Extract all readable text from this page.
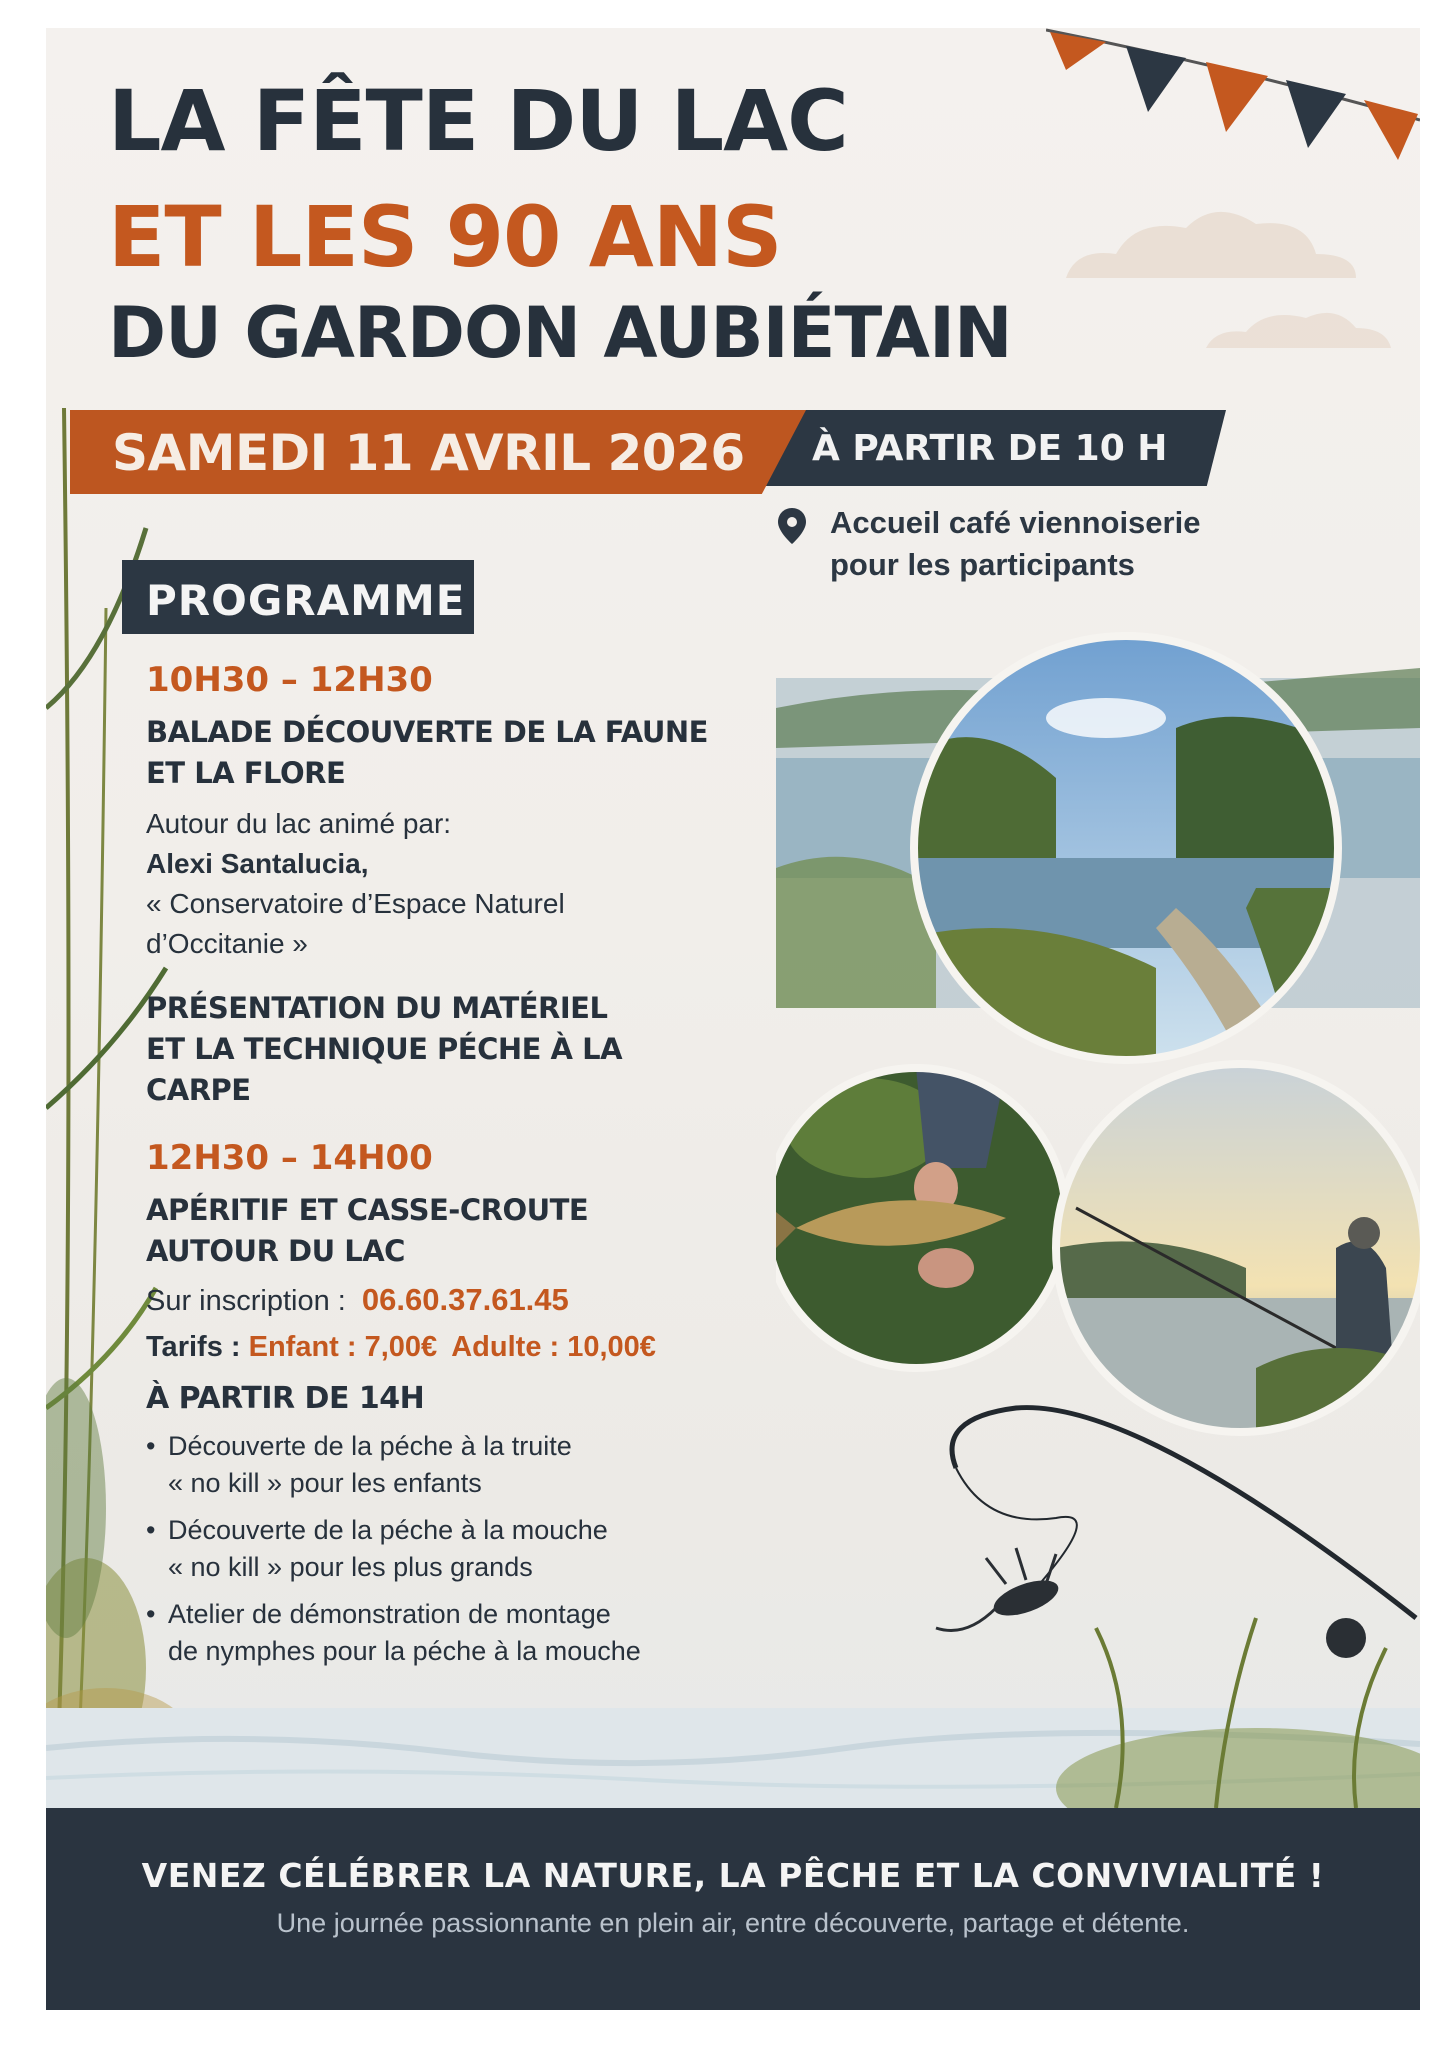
LA FÊTE DU LAC
ET LES 90 ANS
DU GARDON AUBIÉTAIN
SAMEDI 11 AVRIL 2026 À PARTIR DE 10 H
Accueil café viennoiserie
pour les participants
PROGRAMME
10H30 – 12H30
BALADE DÉCOUVERTE DE LA FAUNE
ET LA FLORE
Autour du lac animé par:
Alexi Santalucia,
« Conservatoire d’Espace Naturel
d’Occitanie »
PRÉSENTATION DU MATÉRIEL
ET LA TECHNIQUE PÉCHE À LA
CARPE
12H30 – 14H00
APÉRITIF ET CASSE-CROUTE
AUTOUR DU LAC
Sur inscription : 06.60.37.61.45
Tarifs : Enfant : 7,00€ Adulte : 10,00€
À PARTIR DE 14H
• Découverte de la péche à la truite
« no kill » pour les enfants
• Découverte de la péche à la mouche
« no kill » pour les plus grands
• Atelier de démonstration de montage
de nymphes pour la péche à la mouche
VENEZ CÉLÉBRER LA NATURE, LA PÊCHE ET LA CONVIVIALITÉ !
Une journée passionnante en plein air, entre découverte, partage et détente.
